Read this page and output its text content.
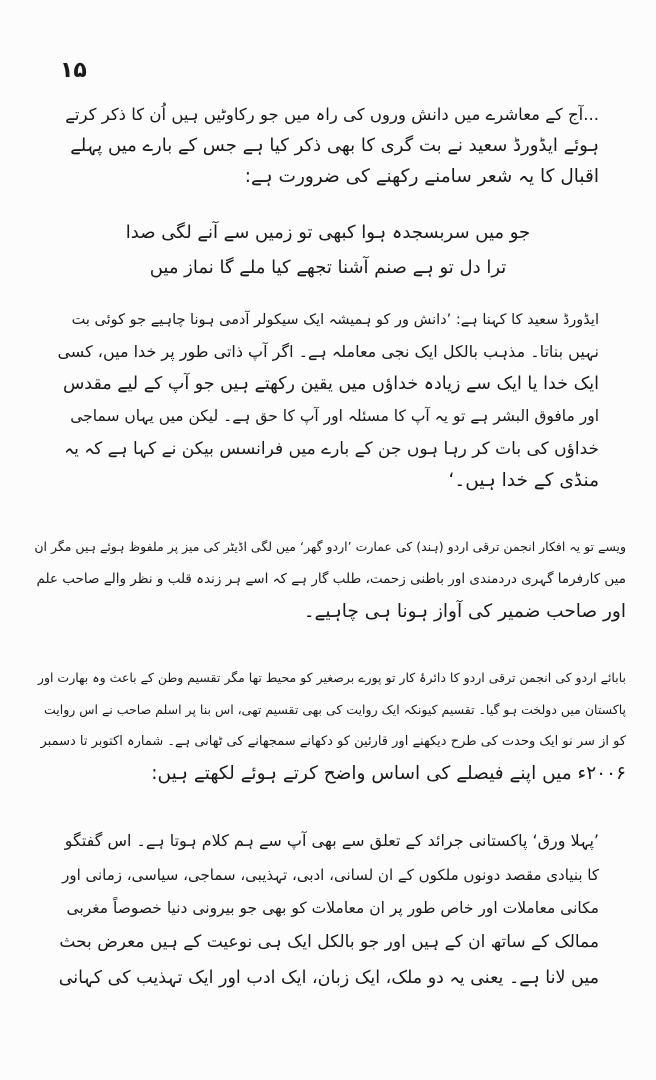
۱۵
...آج کے معاشرے میں دانش وروں کی راہ میں جو رکاوٹیں ہیں اُن کا ذکر کرتے
ہوئے ایڈورڈ سعید نے بت گری کا بھی ذکر کیا ہے جس کے بارے میں پہلے
اقبال کا یہ شعر سامنے رکھنے کی ضرورت ہے:
جو میں سربسجدہ ہوا کبھی تو زمیں سے آنے لگی صدا
ترا دل تو ہے صنم آشنا تجھے کیا ملے گا نماز میں
ایڈورڈ سعید کا کہنا ہے: ’دانش ور کو ہمیشہ ایک سیکولر آدمی ہونا چاہیے جو کوئی بت
نہیں بناتا۔ مذہب بالکل ایک نجی معاملہ ہے۔ اگر آپ ذاتی طور پر خدا میں، کسی
ایک خدا یا ایک سے زیادہ خداؤں میں یقین رکھتے ہیں جو آپ کے لیے مقدس
اور مافوق البشر ہے تو یہ آپ کا مسئلہ اور آپ کا حق ہے۔ لیکن میں یہاں سماجی
خداؤں کی بات کر رہا ہوں جن کے بارے میں فرانسس بیکن نے کہا ہے کہ یہ
منڈی کے خدا ہیں۔‘
ویسے تو یہ افکار انجمن ترقی اردو (ہند) کی عمارت ’اردو گھر‘ میں لگی اڈیٹر کی میز پر ملفوظ ہوئے ہیں مگر ان
میں کارفرما گہری دردمندی اور باطنی زحمت، طلب گار ہے کہ اسے ہر زندہ قلب و نظر والے صاحب علم
اور صاحب ضمیر کی آواز ہونا ہی چاہیے۔
بابائے اردو کی انجمن ترقی اردو کا دائرۂ کار تو پورے برصغیر کو محیط تھا مگر تقسیم وطن کے باعث وہ بھارت اور
پاکستان میں دولخت ہو گیا۔ تقسیم کیونکہ ایک روایت کی بھی تقسیم تھی، اس بنا پر اسلم صاحب نے اس روایت
کو از سر نو ایک وحدت کی طرح دیکھنے اور قارئین کو دکھانے سمجھانے کی ٹھانی ہے۔ شمارہ اکتوبر تا دسمبر
۲۰۰۶ء میں اپنے فیصلے کی اساس واضح کرتے ہوئے لکھتے ہیں:
’پہلا ورق‘ پاکستانی جرائد کے تعلق سے بھی آپ سے ہم کلام ہوتا ہے۔ اس گفتگو
کا بنیادی مقصد دونوں ملکوں کے ان لسانی، ادبی، تہذیبی، سماجی، سیاسی، زمانی اور
مکانی معاملات اور خاص طور پر ان معاملات کو بھی جو بیرونی دنیا خصوصاً مغربی
ممالک کے ساتھ ان کے ہیں اور جو بالکل ایک ہی نوعیت کے ہیں معرض بحث
میں لانا ہے۔ یعنی یہ دو ملک، ایک زبان، ایک ادب اور ایک تہذیب کی کہانی
